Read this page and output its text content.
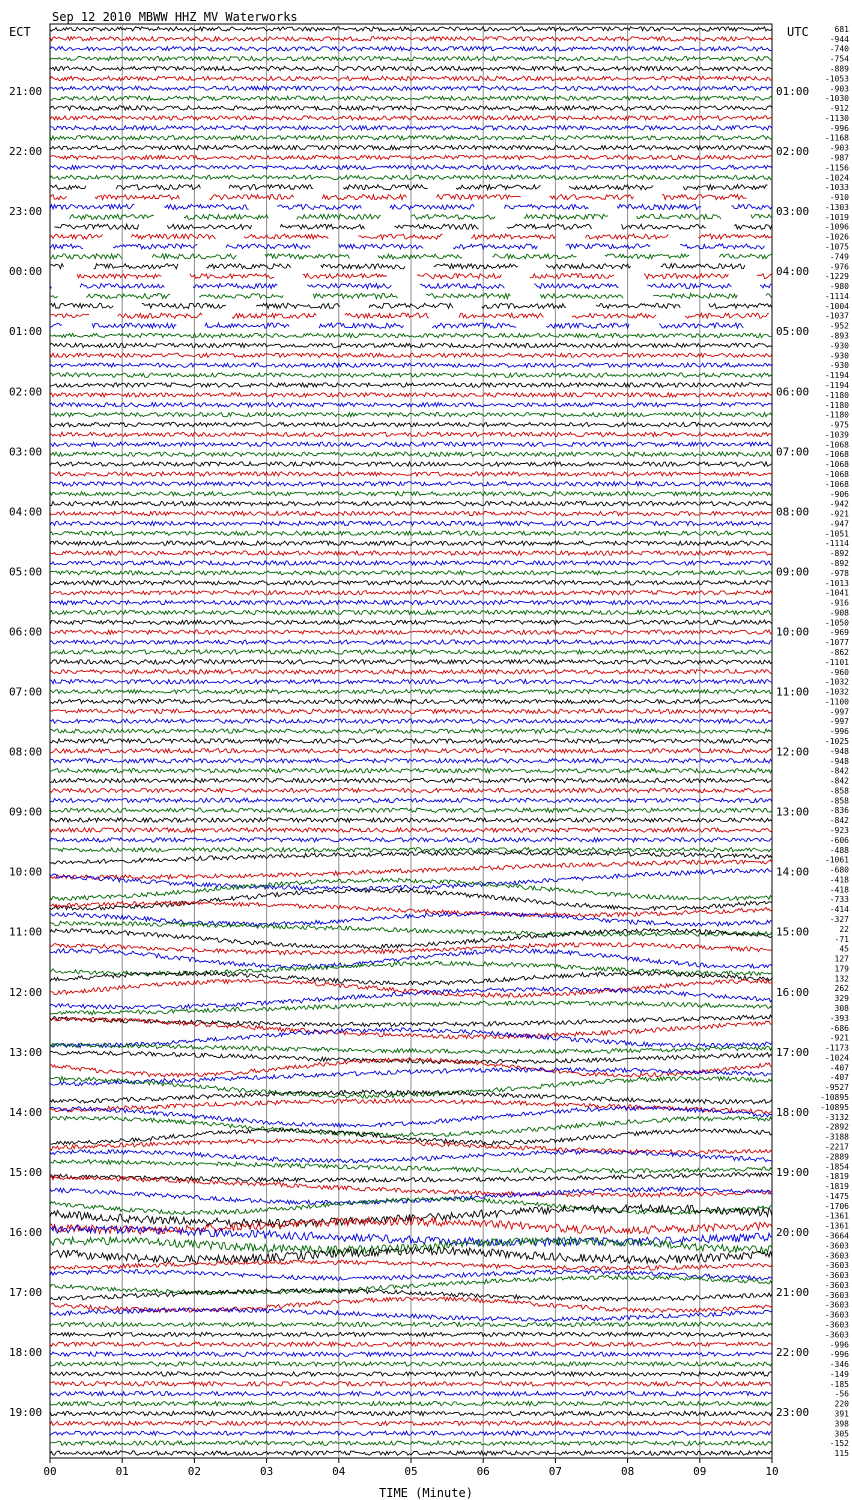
Sep 12 2010 MBWW HHZ MV Waterworks
ECT	UTC
TIME (Minute)
21:00
22:00
23:00
00:00
01:00
02:00
03:00
04:00
05:00
06:00
07:00
08:00
09:00
10:00
11:00
12:00
13:00
14:00
15:00
16:00
17:00
18:00
19:00
01:00
02:00
03:00
04:00
05:00
06:00
07:00
08:00
09:00
10:00
11:00
12:00
13:00
14:00
15:00
16:00
17:00
18:00
19:00
20:00
21:00
22:00
23:00
681
-944
-740
-754
-889
-1053
-903
-1030
-912
-1130
-996
-1168
-903
-987
-1156
-1024
-1033
-910
-1303
-1019
-1096
-1026
-1075
-749
-976
-1229
-980
-1114
-1004
-1037
-952
-893
-930
-930
-930
-1194
-1194
-1180
-1180
-1180
-975
-1039
-1068
-1068
-1068
-1068
-1068
-906
-942
-921
-947
-1051
-1114
-892
-892
-978
-1013
-1041
-916
-908
-1050
-969
-1077
-862
-1101
-960
-1032
-1032
-1100
-997
-997
-996
-1025
-948
-948
-842
-842
-858
-858
-836
-842
-923
-606
-488
-1061
-680
-418
-418
-733
-414
-327
22
-71
45
127
179
132
262
329
308
-393
-686
-921
-1173
-1024
-407
-407
-9527
-10895
-10895
-3132
-2892
-3188
-2217
-2889
-1854
-1819
-1819
-1475
-1706
-1361
-1361
-3664
-3603
-3603
-3603
-3603
-3603
-3603
-3603
-3603
-3603
-3603
-996
-996
-346
-149
-185
-56
220
391
398
305
-152
115
00	01	02	03	04	05	06	07	08	09	10
